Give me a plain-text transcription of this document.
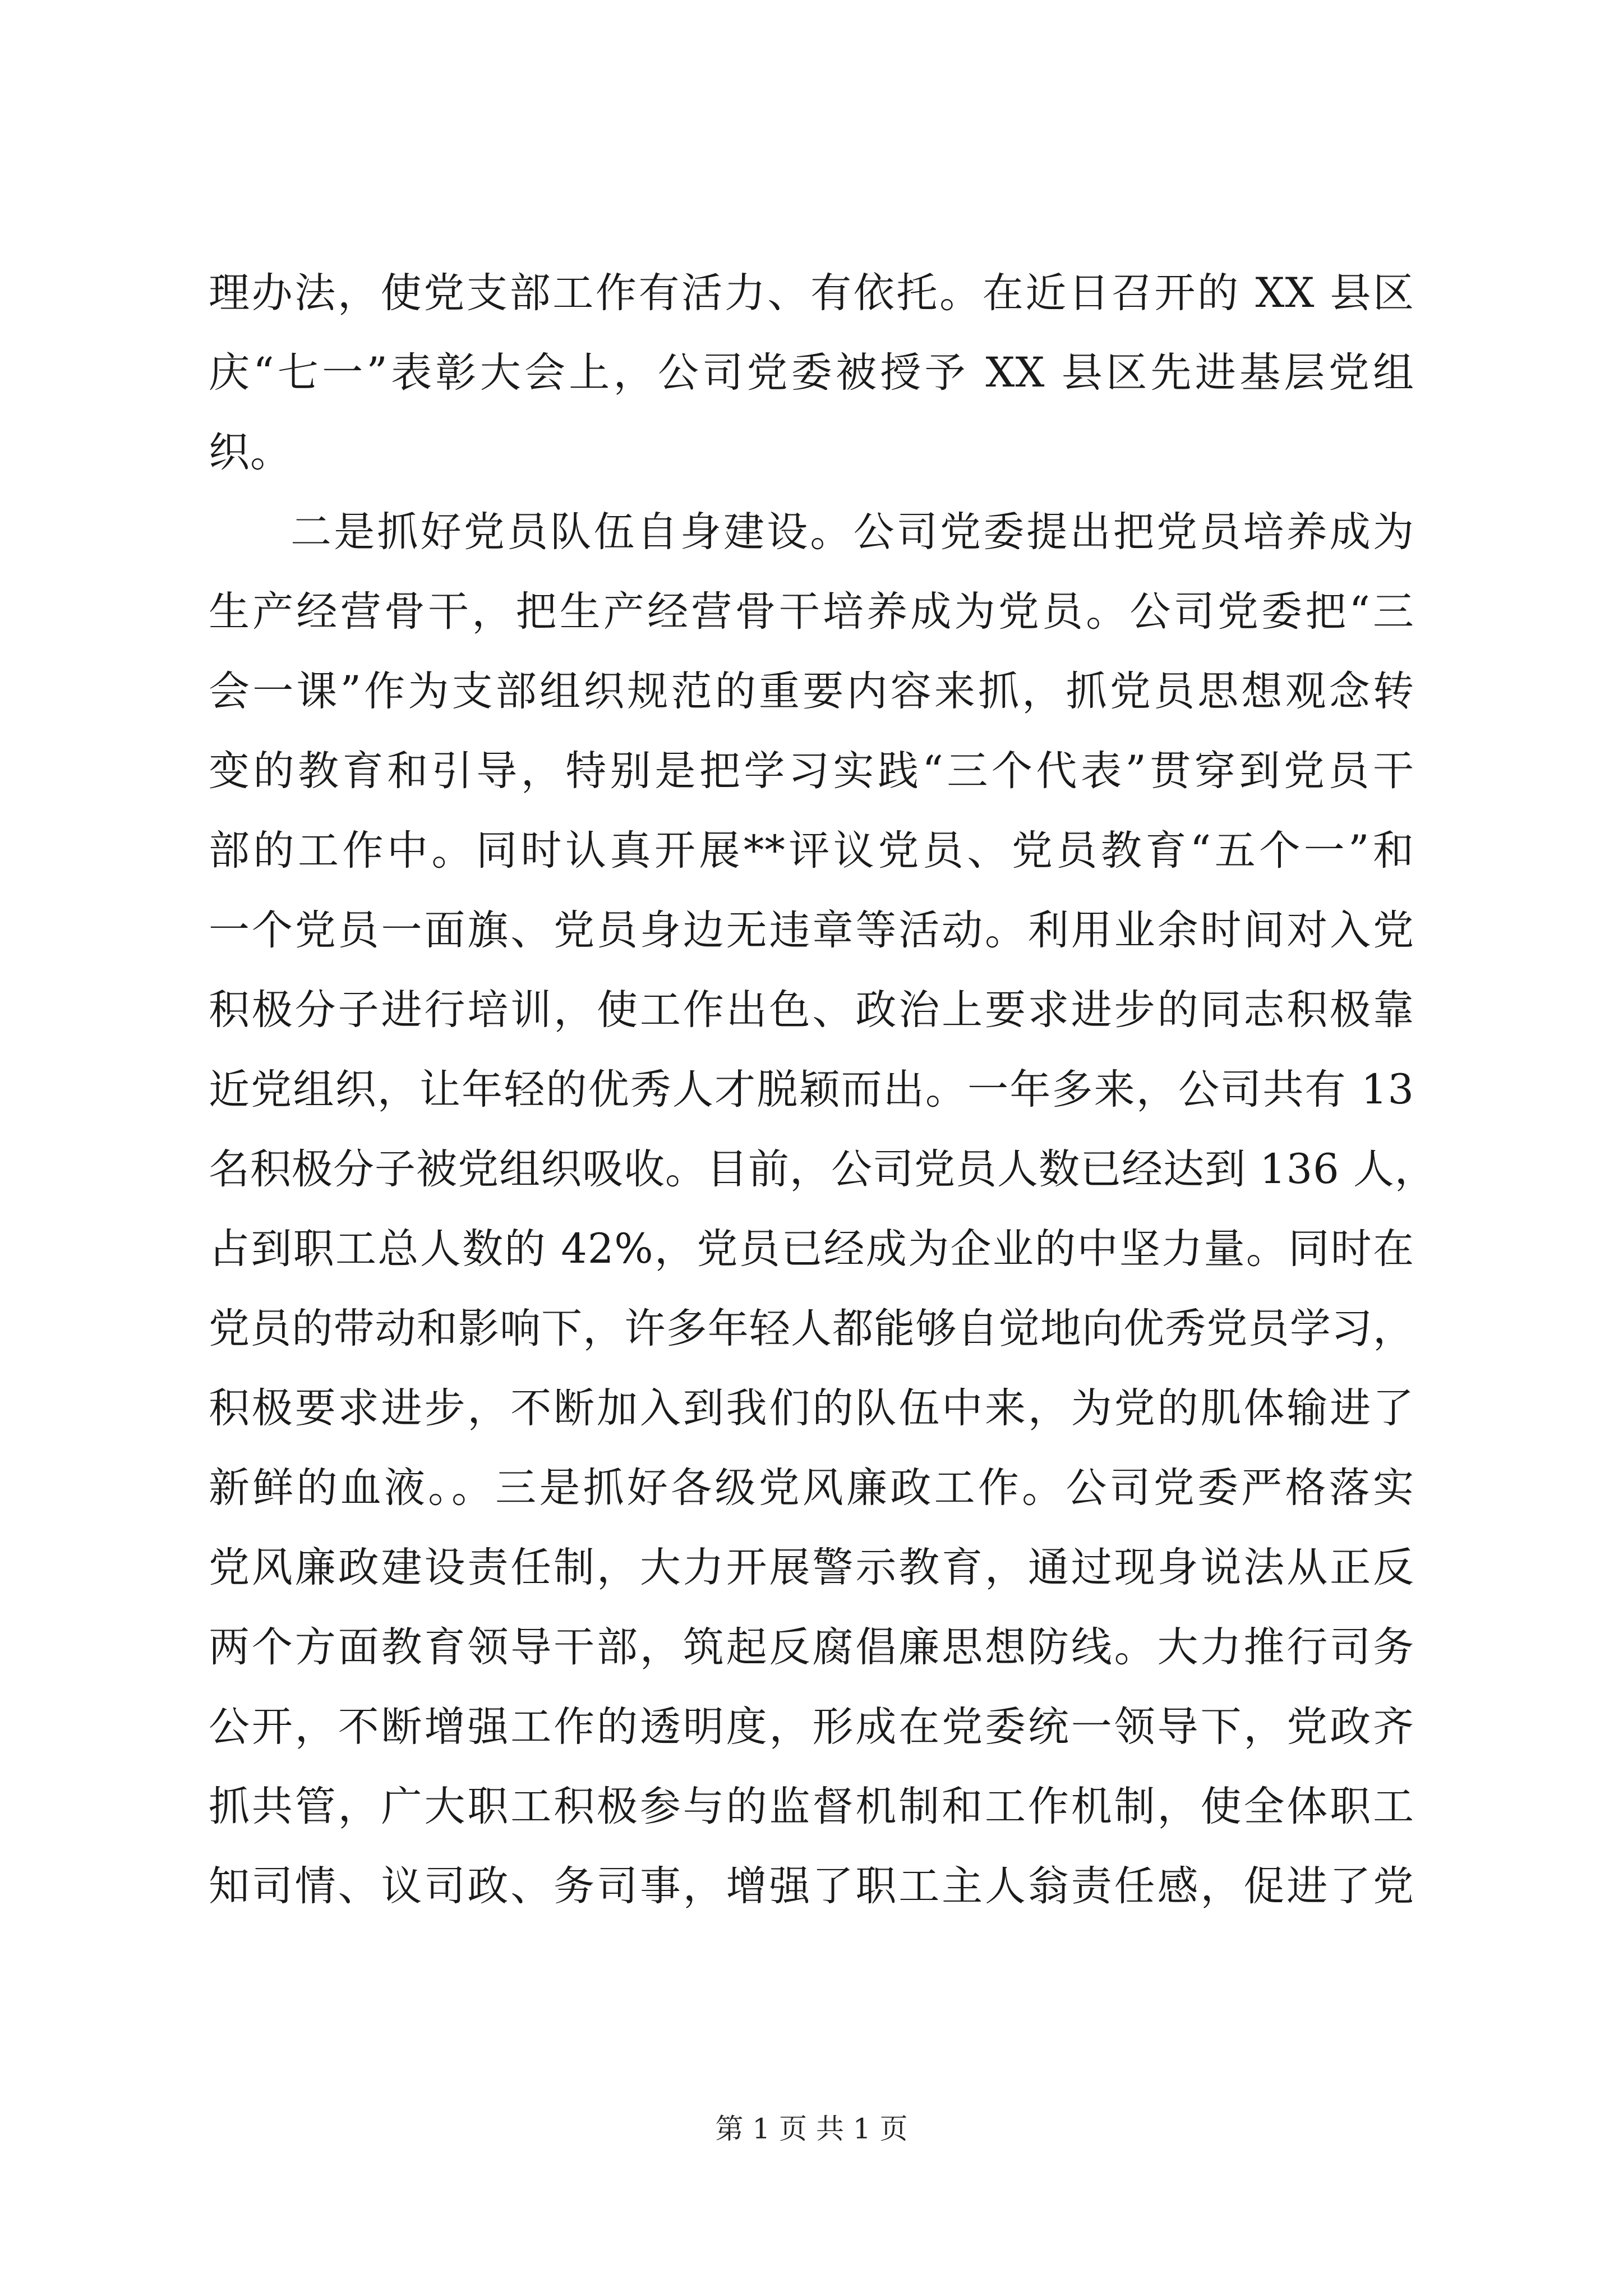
理办法，使党支部工作有活力、有依托。在近日召开的 XX 县区
庆“七一”表彰大会上，公司党委被授予 XX 县区先进基层党组
织。
二是抓好党员队伍自身建设。公司党委提出把党员培养成为
生产经营骨干，把生产经营骨干培养成为党员。公司党委把“三
会一课”作为支部组织规范的重要内容来抓，抓党员思想观念转
变的教育和引导，特别是把学习实践“三个代表”贯穿到党员干
部的工作中。同时认真开展**评议党员、党员教育“五个一”和
一个党员一面旗、党员身边无违章等活动。利用业余时间对入党
积极分子进行培训，使工作出色、政治上要求进步的同志积极靠
近党组织，让年轻的优秀人才脱颖而出。一年多来，公司共有 13
名积极分子被党组织吸收。目前，公司党员人数已经达到 136 人，
占到职工总人数的 42%，党员已经成为企业的中坚力量。同时在
党员的带动和影响下，许多年轻人都能够自觉地向优秀党员学习，
积极要求进步，不断加入到我们的队伍中来，为党的肌体输进了
新鲜的血液。。三是抓好各级党风廉政工作。公司党委严格落实
党风廉政建设责任制，大力开展警示教育，通过现身说法从正反
两个方面教育领导干部，筑起反腐倡廉思想防线。大力推行司务
公开，不断增强工作的透明度，形成在党委统一领导下，党政齐
抓共管，广大职工积极参与的监督机制和工作机制，使全体职工
知司情、议司政、务司事，增强了职工主人翁责任感，促进了党
第 1 页 共 1 页
